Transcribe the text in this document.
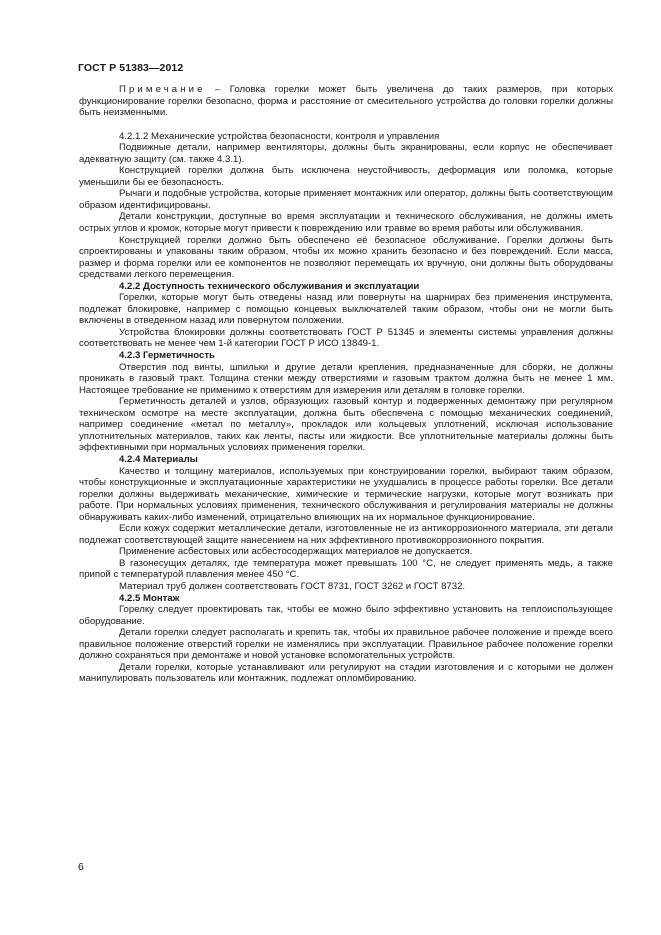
ГОСТ Р 51383—2012

Примечание – Головка горелки может быть увеличена до таких размеров, при которых функционирование горелки безопасно, форма и расстояние от смесительного устройства до головки горелки должны быть неизменными.

4.2.1.2 Механические устройства безопасности, контроля и управления

Подвижные детали, например вентиляторы, должны быть экранированы, если корпус не обеспечивает адекватную защиту (см. также 4.3.1).

Конструкцией горелки должна быть исключена неустойчивость, деформация или поломка, которые уменьшили бы ее безопасность.

Рычаги и подобные устройства, которые применяет монтажник или оператор, должны быть соответствующим образом идентифицированы.

Детали конструкции, доступные во время эксплуатации и технического обслуживания, не должны иметь острых углов и кромок, которые могут привести к повреждению или травме во время работы или обслуживания.

Конструкцией горелки должно быть обеспечено её безопасное обслуживание. Горелки должны быть спроектированы и упакованы таким образом, чтобы их можно хранить безопасно и без повреждений. Если масса, размер и форма горелки или ее компонентов не позволяют перемещать их вручную, они должны быть оборудованы средствами легкого перемещения.

4.2.2 Доступность технического обслуживания и эксплуатации

Горелки, которые могут быть отведены назад или повернуты на шарнирах без применения инструмента, подлежат блокировке, например с помощью концевых выключателей таким образом, чтобы они не могли быть включены в отведенном назад или повернутом положении.

Устройства блокировки должны соответствовать ГОСТ Р 51345 и элементы системы управления должны соответствовать не менее чем 1-й категории ГОСТ Р ИСО 13849-1.

4.2.3 Герметичность

Отверстия под винты, шпильки и другие детали крепления, предназначенные для сборки, не должны проникать в газовый тракт. Толщина стенки между отверстиями и газовым трактом должна быть не менее 1 мм. Настоящее требование не применимо к отверстиям для измерения или деталям в головке горелки.

Герметичность деталей и узлов, образующих газовый контур и подверженных демонтажу при регулярном техническом осмотре на месте эксплуатации, должна быть обеспечена с помощью механических соединений, например соединение «метал по металлу», прокладок или кольцевых уплотнений, исключая использование уплотнительных материалов, таких как ленты, пасты или жидкости. Все уплотнительные материалы должны быть эффективными при нормальных условиях применения горелки.

4.2.4 Материалы

Качество и толщину материалов, используемых при конструировании горелки, выбирают таким образом, чтобы конструкционные и эксплуатационные характеристики не ухудшались в процессе работы горелки. Все детали горелки должны выдерживать механические, химические и термические нагрузки, которые могут возникать при работе. При нормальных условиях применения, технического обслуживания и регулирования материалы не должны обнаруживать каких-либо изменений, отрицательно влияющих на их нормальное функционирование.

Если кожух содержит металлические детали, изготовленные не из антикоррозионного материала, эти детали подлежат соответствующей защите нанесением на них эффективного противокоррозионного покрытия.

Применение асбестовых или асбестосодержащих материалов не допускается.

В газонесущих деталях, где температура может превышать 100 °С, не следует применять медь, а также припой с температурой плавления менее 450 °С.

Материал труб должен соответствовать ГОСТ 8731, ГОСТ 3262 и ГОСТ 8732.

4.2.5 Монтаж

Горелку следует проектировать так, чтобы ее можно было эффективно установить на теплоиспользующее оборудование.

Детали горелки следует располагать и крепить так, чтобы их правильное рабочее положение и прежде всего правильное положение отверстий горелки не изменялись при эксплуатации. Правильное рабочее положение горелки должно сохраняться при демонтаже и новой установке вспомогательных устройств.

Детали горелки, которые устанавливают или регулируют на стадии изготовления и с которыми не должен манипулировать пользователь или монтажник, подлежат опломбированию.

6
